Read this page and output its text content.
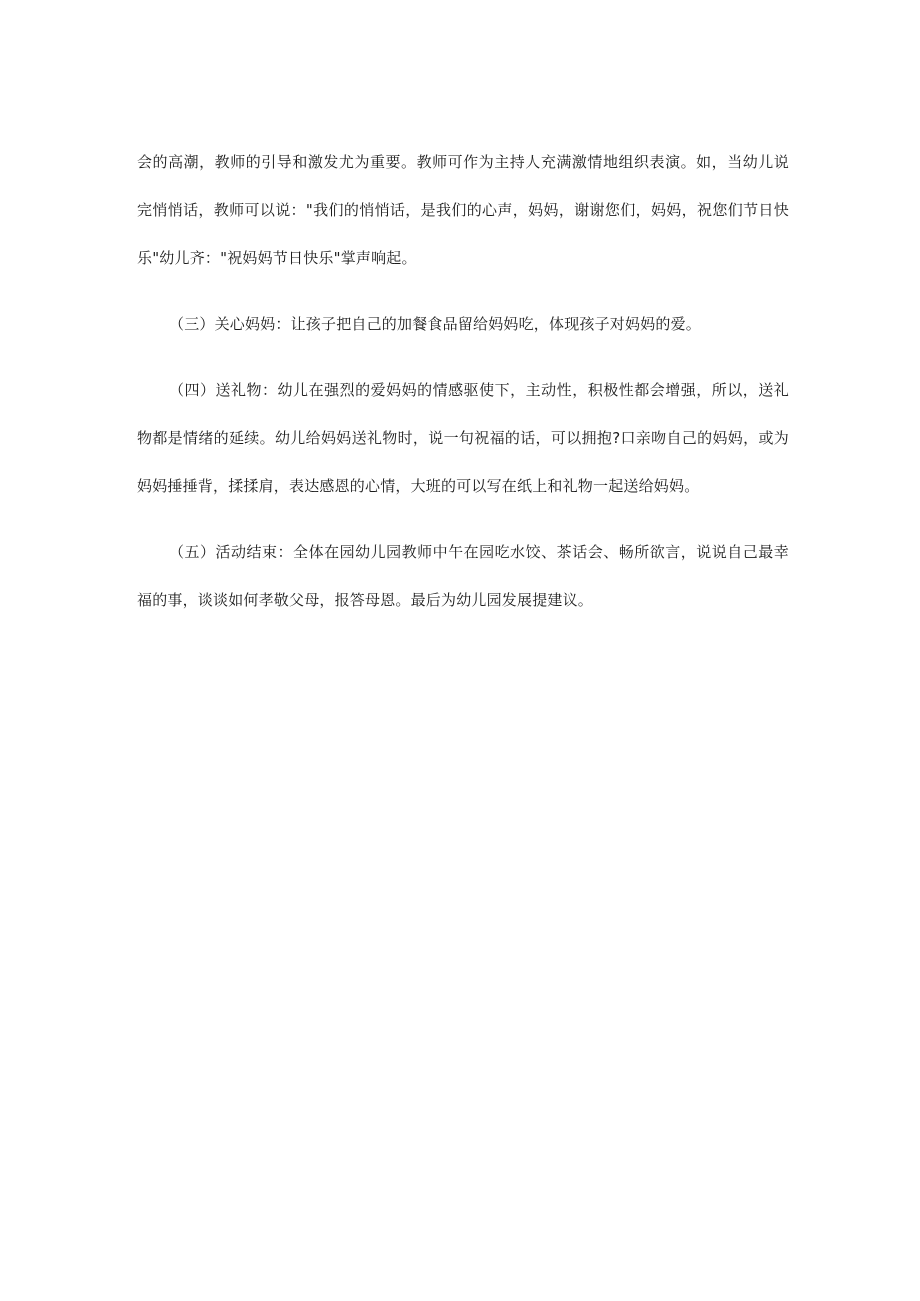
会的高潮，教师的引导和激发尤为重要。教师可作为主持人充满激情地组织表演。如，当幼儿说完悄悄话，教师可以说："我们的悄悄话，是我们的心声，妈妈，谢谢您们，妈妈，祝您们节日快乐"幼儿齐："祝妈妈节日快乐"掌声响起。

（三）关心妈妈：让孩子把自己的加餐食品留给妈妈吃，体现孩子对妈妈的爱。

（四）送礼物：幼儿在强烈的爱妈妈的情感驱使下，主动性，积极性都会增强，所以，送礼物都是情绪的延续。幼儿给妈妈送礼物时，说一句祝福的话，可以拥抱?口亲吻自己的妈妈，或为妈妈捶捶背，揉揉肩，表达感恩的心情，大班的可以写在纸上和礼物一起送给妈妈。

（五）活动结束：全体在园幼儿园教师中午在园吃水饺、茶话会、畅所欲言，说说自己最幸福的事，谈谈如何孝敬父母，报答母恩。最后为幼儿园发展提建议。
